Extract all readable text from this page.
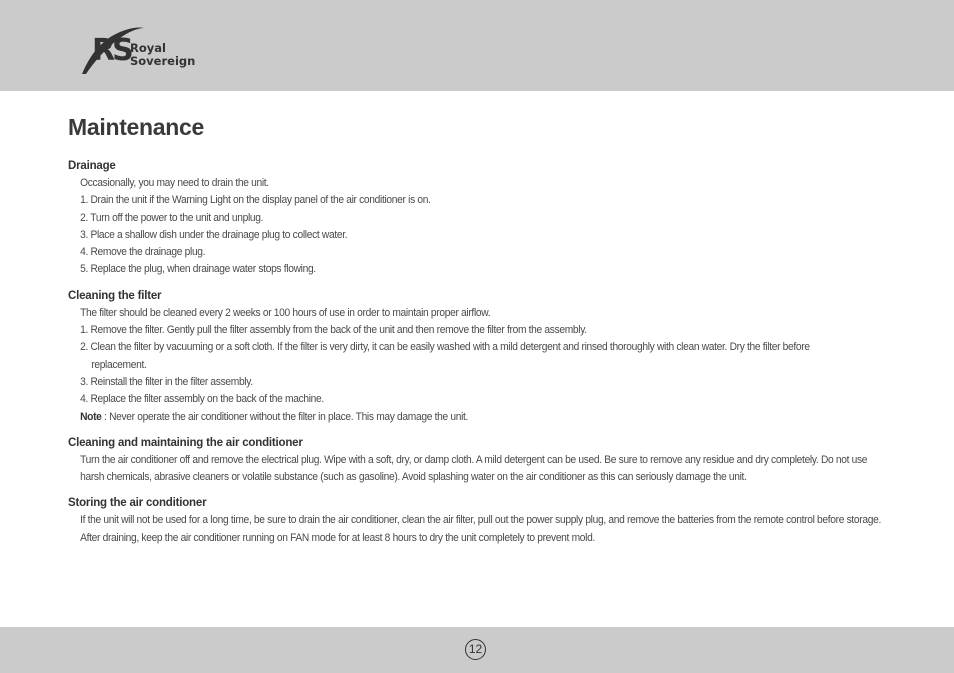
RS Royal
Sovereign
Maintenance
Drainage

Occasionally, you may need to drain the unit.

1. Drain the unit if the Warning Light on the display panel of the air conditioner is on.

2. Turn off the power to the unit and unplug.

3. Place a shallow dish under the drainage plug to collect water.

4. Remove the drainage plug.

5. Replace the plug, when drainage water stops flowing.

Cleaning the filter

The filter should be cleaned every 2 weeks or 100 hours of use in order to maintain proper airflow.

1. Remove the filter. Gently pull the filter assembly from the back of the unit and then remove the filter from the assembly.

2. Clean the filter by vacuuming or a soft cloth. If the filter is very dirty, it can be easily washed with a mild detergent and rinsed thoroughly with clean water. Dry the filter before replacement.

3. Reinstall the filter in the filter assembly.

4. Replace the filter assembly on the back of the machine.

Note : Never operate the air conditioner without the filter in place. This may damage the unit.

Cleaning and maintaining the air conditioner

Turn the air conditioner off and remove the electrical plug. Wipe with a soft, dry, or damp cloth. A mild detergent can be used. Be sure to remove any residue and dry completely. Do not use harsh chemicals, abrasive cleaners or volatile substance (such as gasoline). Avoid splashing water on the air conditioner as this can seriously damage the unit.

Storing the air conditioner

If the unit will not be used for a long time, be sure to drain the air conditioner, clean the air filter, pull out the power supply plug, and remove the batteries from the remote control before storage. After draining, keep the air conditioner running on FAN mode for at least 8 hours to dry the unit completely to prevent mold.

12
